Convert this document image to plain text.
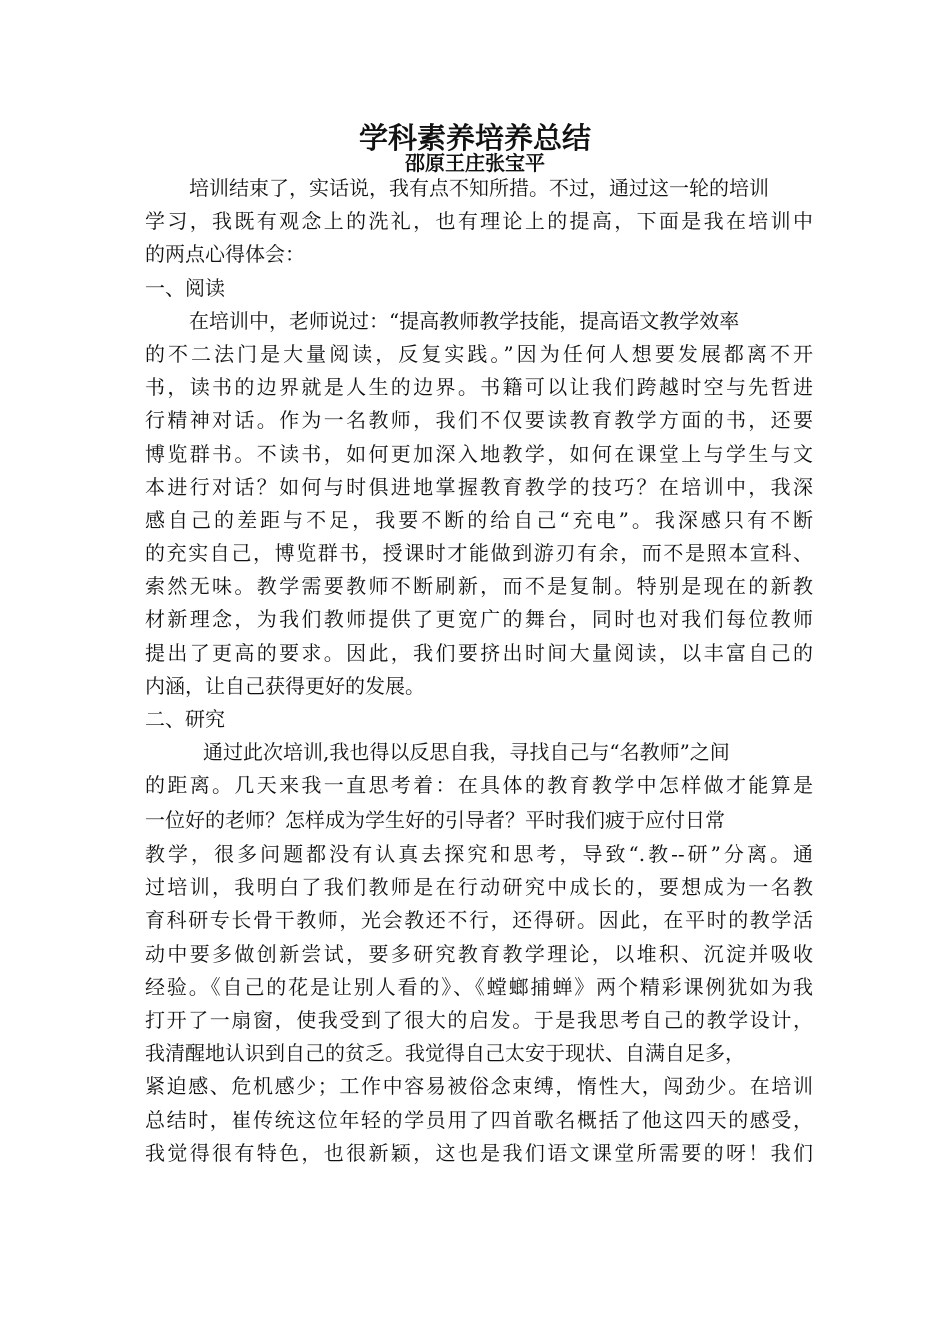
学科素养培养总结
邵原王庄张宝平
培训结束了，实话说，我有点不知所措。不过，通过这一轮的培训
学习，我既有观念上的洗礼，也有理论上的提高，下面是我在培训中
的两点心得体会：
一、阅读
在培训中，老师说过：“提高教师教学技能，提高语文教学效率
的不二法门是大量阅读，反复实践。”因为任何人想要发展都离不开
书，读书的边界就是人生的边界。书籍可以让我们跨越时空与先哲进
行精神对话。作为一名教师，我们不仅要读教育教学方面的书，还要
博览群书。不读书，如何更加深入地教学，如何在课堂上与学生与文
本进行对话？如何与时俱进地掌握教育教学的技巧？在培训中，我深
感自己的差距与不足，我要不断的给自己“充电”。我深感只有不断
的充实自己，博览群书，授课时才能做到游刃有余，而不是照本宣科、
索然无味。教学需要教师不断刷新，而不是复制。特别是现在的新教
材新理念，为我们教师提供了更宽广的舞台，同时也对我们每位教师
提出了更高的要求。因此，我们要挤出时间大量阅读，以丰富自己的
内涵，让自己获得更好的发展。
二、研究
通过此次培训,我也得以反思自我，寻找自己与“名教师”之间
的距离。几天来我一直思考着：在具体的教育教学中怎样做才能算是
一位好的老师？怎样成为学生好的引导者？平时我们疲于应付日常
教学，很多问题都没有认真去探究和思考，导致“.教--研”分离。通
过培训，我明白了我们教师是在行动研究中成长的，要想成为一名教
育科研专长骨干教师，光会教还不行，还得研。因此，在平时的教学活
动中要多做创新尝试，要多研究教育教学理论，以堆积、沉淀并吸收
经验。《自己的花是让别人看的》、《螳螂捕蝉》两个精彩课例犹如为我
打开了一扇窗，使我受到了很大的启发。于是我思考自己的教学设计，
我清醒地认识到自己的贫乏。我觉得自己太安于现状、自满自足多，
紧迫感、危机感少；工作中容易被俗念束缚，惰性大，闯劲少。在培训
总结时，崔传统这位年轻的学员用了四首歌名概括了他这四天的感受，
我觉得很有特色，也很新颖，这也是我们语文课堂所需要的呀！我们
